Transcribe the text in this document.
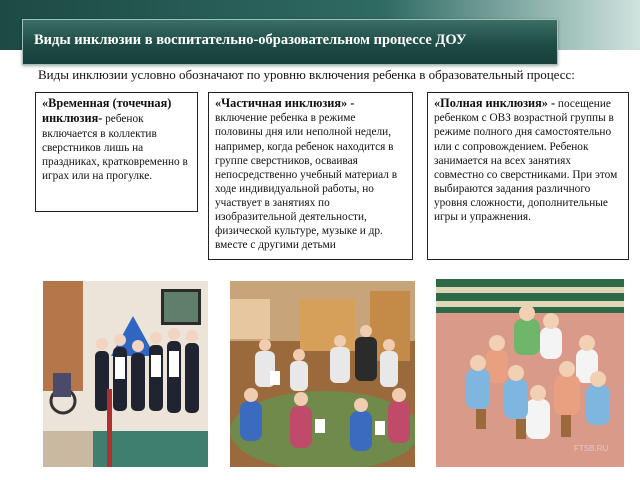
Виды инклюзии в воспитательно-образовательном процессе ДОУ
Виды инклюзии условно обозначают по уровню включения ребенка в образовательный процесс:
«Временная (точечная) инклюзия- ребенок включается в коллектив сверстников лишь на праздниках, кратковременно в играх или на прогулке.
«Частичная инклюзия» - включение ребенка в режиме половины дня или неполной недели, например, когда ребенок находится в группе сверстников, осваивая непосредственно учебный материал в ходе индивидуальной работы, но участвует в занятиях по изобразительной деятельности, физической культуре, музыке и др. вместе с другими детьми
«Полная инклюзия» - посещение ребенком с ОВЗ возрастной группы в режиме полного дня самостоятельно или с сопровождением. Ребенок занимается на всех занятиях совместно со сверстниками. При этом выбираются задания различного уровня сложности, дополнительные игры и упражнения.
FTSB.RU
